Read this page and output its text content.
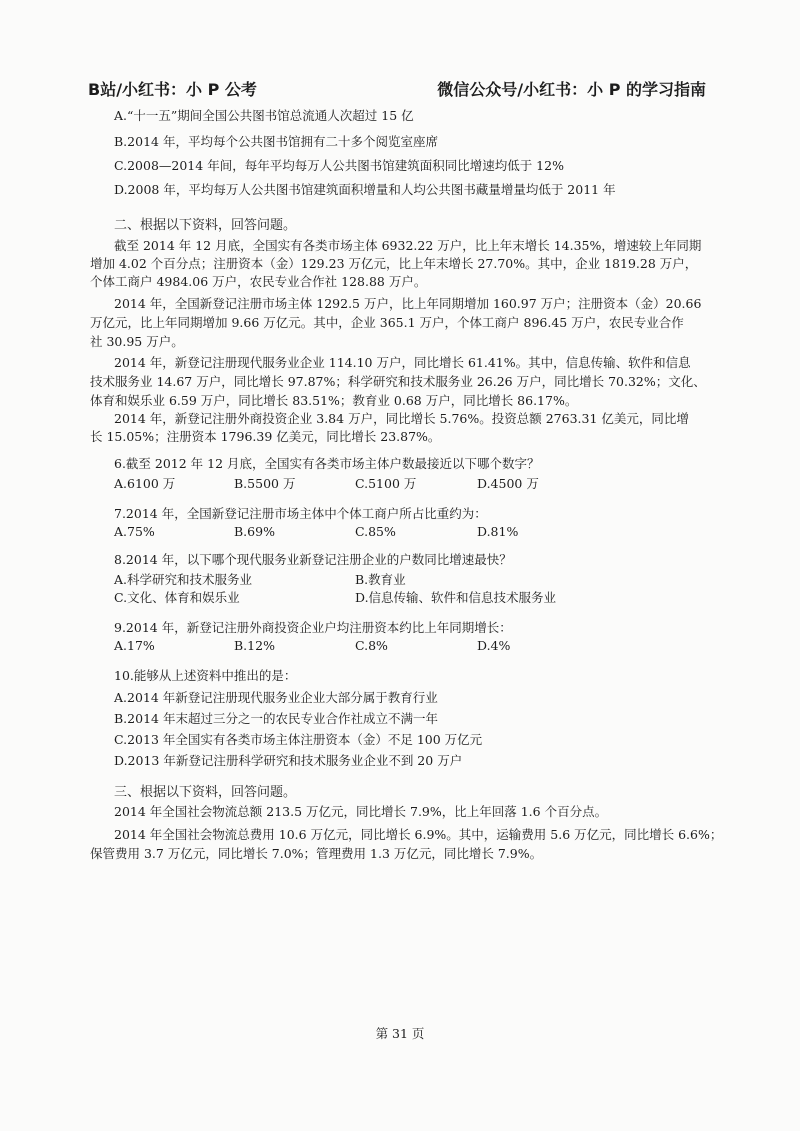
B站/小红书：小 P 公考	微信公众号/小红书：小 P 的学习指南
A.“十一五”期间全国公共图书馆总流通人次超过 15 亿
B.2014 年，平均每个公共图书馆拥有二十多个阅览室座席
C.2008—2014 年间，每年平均每万人公共图书馆建筑面积同比增速均低于 12%
D.2008 年，平均每万人公共图书馆建筑面积增量和人均公共图书藏量增量均低于 2011 年
二、根据以下资料，回答问题。
截至 2014 年 12 月底，全国实有各类市场主体 6932.22 万户，比上年末增长 14.35%，增速较上年同期
增加 4.02 个百分点；注册资本（金）129.23 万亿元，比上年末增长 27.70%。其中，企业 1819.28 万户，
个体工商户 4984.06 万户，农民专业合作社 128.88 万户。
2014 年，全国新登记注册市场主体 1292.5 万户，比上年同期增加 160.97 万户；注册资本（金）20.66
万亿元，比上年同期增加 9.66 万亿元。其中，企业 365.1 万户，个体工商户 896.45 万户，农民专业合作
社 30.95 万户。
2014 年，新登记注册现代服务业企业 114.10 万户，同比增长 61.41%。其中，信息传输、软件和信息
技术服务业 14.67 万户，同比增长 97.87%；科学研究和技术服务业 26.26 万户，同比增长 70.32%；文化、
体育和娱乐业 6.59 万户，同比增长 83.51%；教育业 0.68 万户，同比增长 86.17%。
2014 年，新登记注册外商投资企业 3.84 万户，同比增长 5.76%。投资总额 2763.31 亿美元，同比增
长 15.05%；注册资本 1796.39 亿美元，同比增长 23.87%。
6.截至 2012 年 12 月底，全国实有各类市场主体户数最接近以下哪个数字？
A.6100 万	B.5500 万	C.5100 万	D.4500 万
7.2014 年，全国新登记注册市场主体中个体工商户所占比重约为：
A.75%	B.69%	C.85%	D.81%
8.2014 年，以下哪个现代服务业新登记注册企业的户数同比增速最快？
A.科学研究和技术服务业	B.教育业
C.文化、体育和娱乐业	D.信息传输、软件和信息技术服务业
9.2014 年，新登记注册外商投资企业户均注册资本约比上年同期增长：
A.17%	B.12%	C.8%	D.4%
10.能够从上述资料中推出的是：
A.2014 年新登记注册现代服务业企业大部分属于教育行业
B.2014 年末超过三分之一的农民专业合作社成立不满一年
C.2013 年全国实有各类市场主体注册资本（金）不足 100 万亿元
D.2013 年新登记注册科学研究和技术服务业企业不到 20 万户
三、根据以下资料，回答问题。
2014 年全国社会物流总额 213.5 万亿元，同比增长 7.9%，比上年回落 1.6 个百分点。
2014 年全国社会物流总费用 10.6 万亿元，同比增长 6.9%。其中，运输费用 5.6 万亿元，同比增长 6.6%；
保管费用 3.7 万亿元，同比增长 7.0%；管理费用 1.3 万亿元，同比增长 7.9%。
第 31 页
